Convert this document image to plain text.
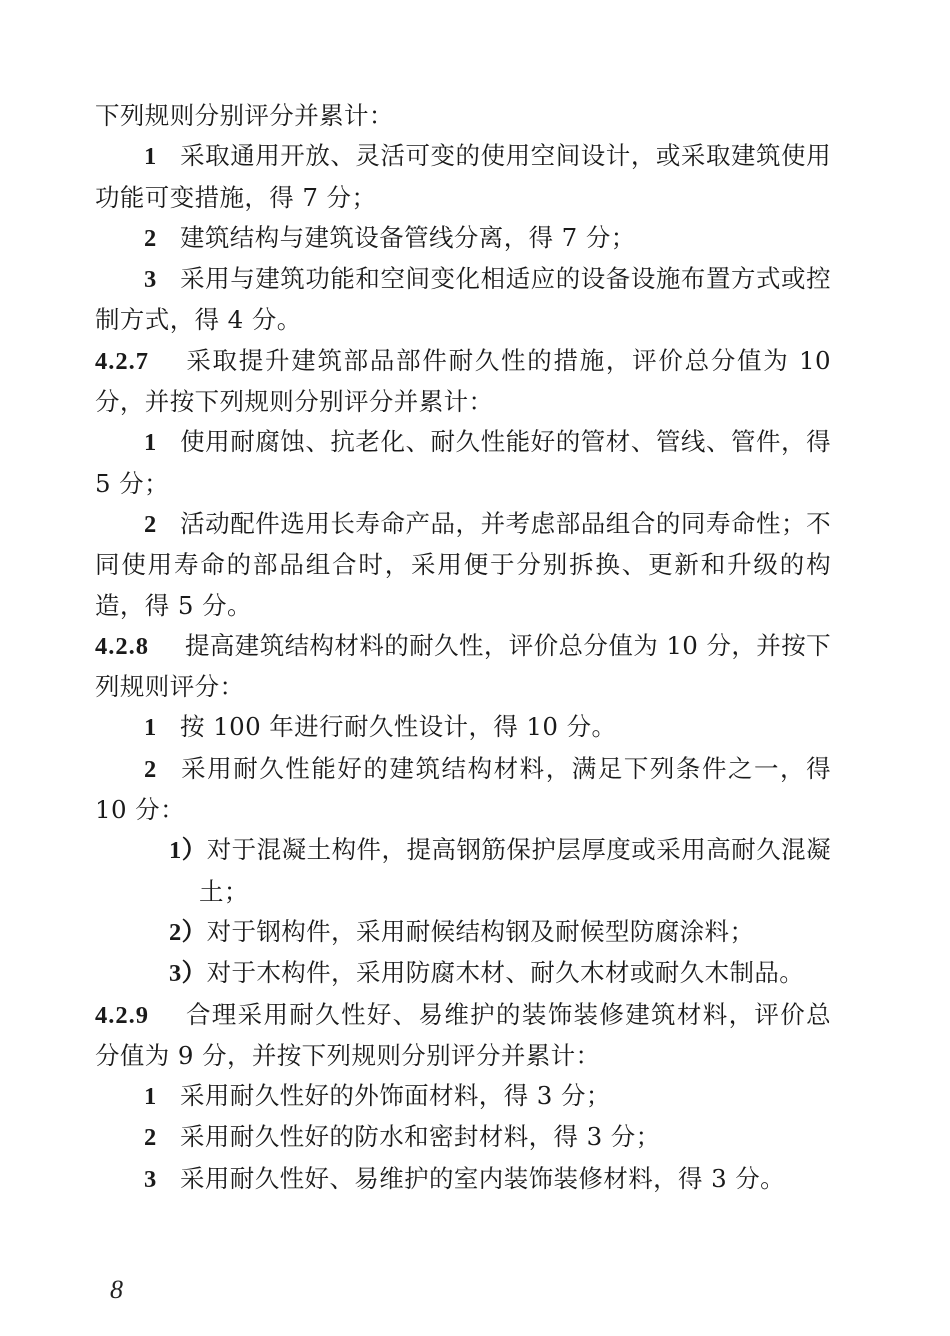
下列规则分别评分并累计：

1 采取通用开放、灵活可变的使用空间设计，或采取建筑使用功能可变措施，得 7 分；

2 建筑结构与建筑设备管线分离，得 7 分；

3 采用与建筑功能和空间变化相适应的设备设施布置方式或控制方式，得 4 分。

4.2.7 采取提升建筑部品部件耐久性的措施，评价总分值为 10 分，并按下列规则分别评分并累计：

1 使用耐腐蚀、抗老化、耐久性能好的管材、管线、管件，得 5 分；

2 活动配件选用长寿命产品，并考虑部品组合的同寿命性；不同使用寿命的部品组合时，采用便于分别拆换、更新和升级的构造，得 5 分。

4.2.8 提高建筑结构材料的耐久性，评价总分值为 10 分，并按下列规则评分：

1 按 100 年进行耐久性设计，得 10 分。

2 采用耐久性能好的建筑结构材料，满足下列条件之一，得 10 分：

1）对于混凝土构件，提高钢筋保护层厚度或采用高耐久混凝土；

2）对于钢构件，采用耐候结构钢及耐候型防腐涂料；

3）对于木构件，采用防腐木材、耐久木材或耐久木制品。

4.2.9 合理采用耐久性好、易维护的装饰装修建筑材料，评价总分值为 9 分，并按下列规则分别评分并累计：

1 采用耐久性好的外饰面材料，得 3 分；

2 采用耐久性好的防水和密封材料，得 3 分；

3 采用耐久性好、易维护的室内装饰装修材料，得 3 分。

8
